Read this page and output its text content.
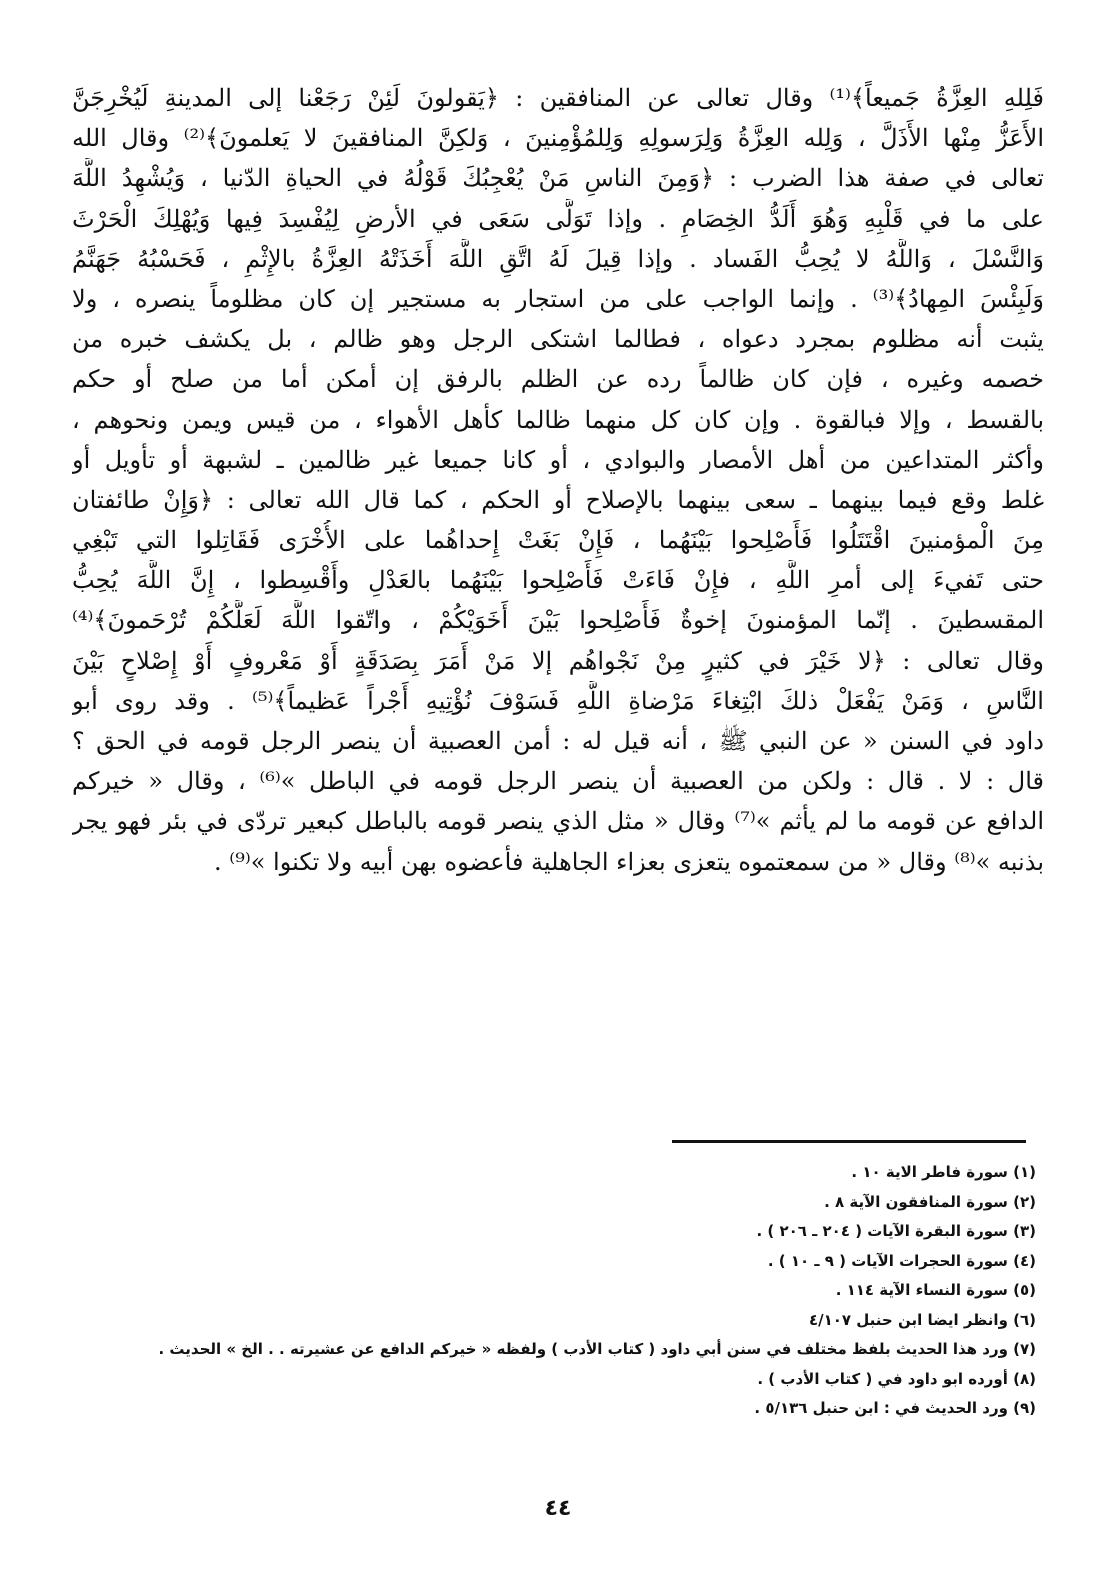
فَلِلهِ العِزَّةُ جَميعاً﴾⁽¹⁾ وقال تعالى عن المنافقين : ﴿يَقولونَ لَئِنْ رَجَعْنا إلى المدينةِ لَيُخْرِجَنَّ
الأَعَزُّ مِنْها الأَذَلَّ ، وَلِله العِزَّةُ وَلِرَسولِهِ وَلِلمُؤْمِنينَ ، وَلكِنَّ المنافقينَ لا يَعلمونَ﴾⁽²⁾ وقال الله
تعالى في صفة هذا الضرب : ﴿وَمِنَ الناسِ مَنْ يُعْجِبُكَ قَوْلُهُ في الحياةِ الدّنيا ، وَيُشْهِدُ اللَّهَ
على ما في قَلْبِهِ وَهُوَ أَلَدُّ الخِصَامِ . وإذا تَوَلَّى سَعَى في الأرضِ لِيُفْسِدَ فِيها وَيُهْلِكَ الْحَرْثَ
وَالنَّسْلَ ، وَاللَّهُ لا يُحِبُّ الفَساد . وإذا قِيلَ لَهُ اتَّقِ اللَّهَ أَخَذَتْهُ العِزَّةُ بالإِثْمِ ، فَحَسْبُهُ جَهَنَّمُ
وَلَبِئْسَ المِهادُ﴾⁽³⁾ . وإنما الواجب على من استجار به مستجير إن كان مظلوماً ينصره ، ولا
يثبت أنه مظلوم بمجرد دعواه ، فطالما اشتكى الرجل وهو ظالم ، بل يكشف خبره من
خصمه وغيره ، فإن كان ظالماً رده عن الظلم بالرفق إن أمكن أما من صلح أو حكم
بالقسط ، وإلا فبالقوة . وإن كان كل منهما ظالما كأهل الأهواء ، من قيس ويمن ونحوهم ،
وأكثر المتداعين من أهل الأمصار والبوادي ، أو كانا جميعا غير ظالمين ـ لشبهة أو تأويل أو
غلط وقع فيما بينهما ـ سعى بينهما بالإصلاح أو الحكم ، كما قال الله تعالى : ﴿وَإِنْ طائفتان
مِنَ الْمؤمنينَ اقْتَتَلُوا فَأَصْلِحوا بَيْنَهُما ، فَإِنْ بَغَتْ إِحداهُما على الأُخْرَى فَقَاتِلوا التي تَبْغِي
حتى تَفيءَ إلى أمرِ اللَّهِ ، فإِنْ فَاءَتْ فَأَصْلِحوا بَيْنَهُما بالعَدْلِ وأَقْسِطوا ، إِنَّ اللَّهَ يُحِبُّ
المقسطينَ . إنّما المؤمنونَ إخوةٌ فَأَصْلِحوا بَيْنَ أَخَوَيْكُمْ ، واتّقوا اللَّهَ لَعَلَّكُمْ تُرْحَمونَ﴾⁽⁴⁾
وقال تعالى : ﴿لا خَيْرَ في كثيرٍ مِنْ نَجْواهُم إلا مَنْ أَمَرَ بِصَدَقَةٍ أَوْ مَعْروفٍ أَوْ إِصْلاحٍ بَيْنَ
النَّاسِ ، وَمَنْ يَفْعَلْ ذلكَ ابْتِغاءَ مَرْضاةِ اللَّهِ فَسَوْفَ نُؤْتِيهِ أَجْراً عَظيماً﴾⁽⁵⁾ . وقد روى أبو
داود في السنن « عن النبي ﷺ ، أنه قيل له : أمن العصبية أن ينصر الرجل قومه في الحق ؟
قال : لا . قال : ولكن من العصبية أن ينصر الرجل قومه في الباطل »⁽⁶⁾ ، وقال « خيركم
الدافع عن قومه ما لم يأثم »⁽⁷⁾ وقال « مثل الذي ينصر قومه بالباطل كبعير تردّى في بئر فهو يجر
بذنبه »⁽⁸⁾ وقال « من سمعتموه يتعزى بعزاء الجاهلية فأعضوه بهن أبيه ولا تكنوا »⁽⁹⁾ .
(١) سورة فاطر الاية ١٠ .
(٢) سورة المنافقون الآية ٨ .
(٣) سورة البقرة الآيات ( ٢٠٤ ـ ٢٠٦ ) .
(٤) سورة الحجرات الآيات ( ٩ ـ ١٠ ) .
(٥) سورة النساء الآية ١١٤ .
(٦) وانظر ايضا ابن حنبل ٤/١٠٧
(٧) ورد هذا الحديث بلفظ مختلف في سنن أبي داود ( كتاب الأدب ) ولفظه « خيركم الدافع عن عشيرته . . الخ » الحديث .
(٨) أورده ابو داود في ( كتاب الأدب ) .
(٩) ورد الحديث في : ابن حنبل ٥/١٣٦ .
٤٤
